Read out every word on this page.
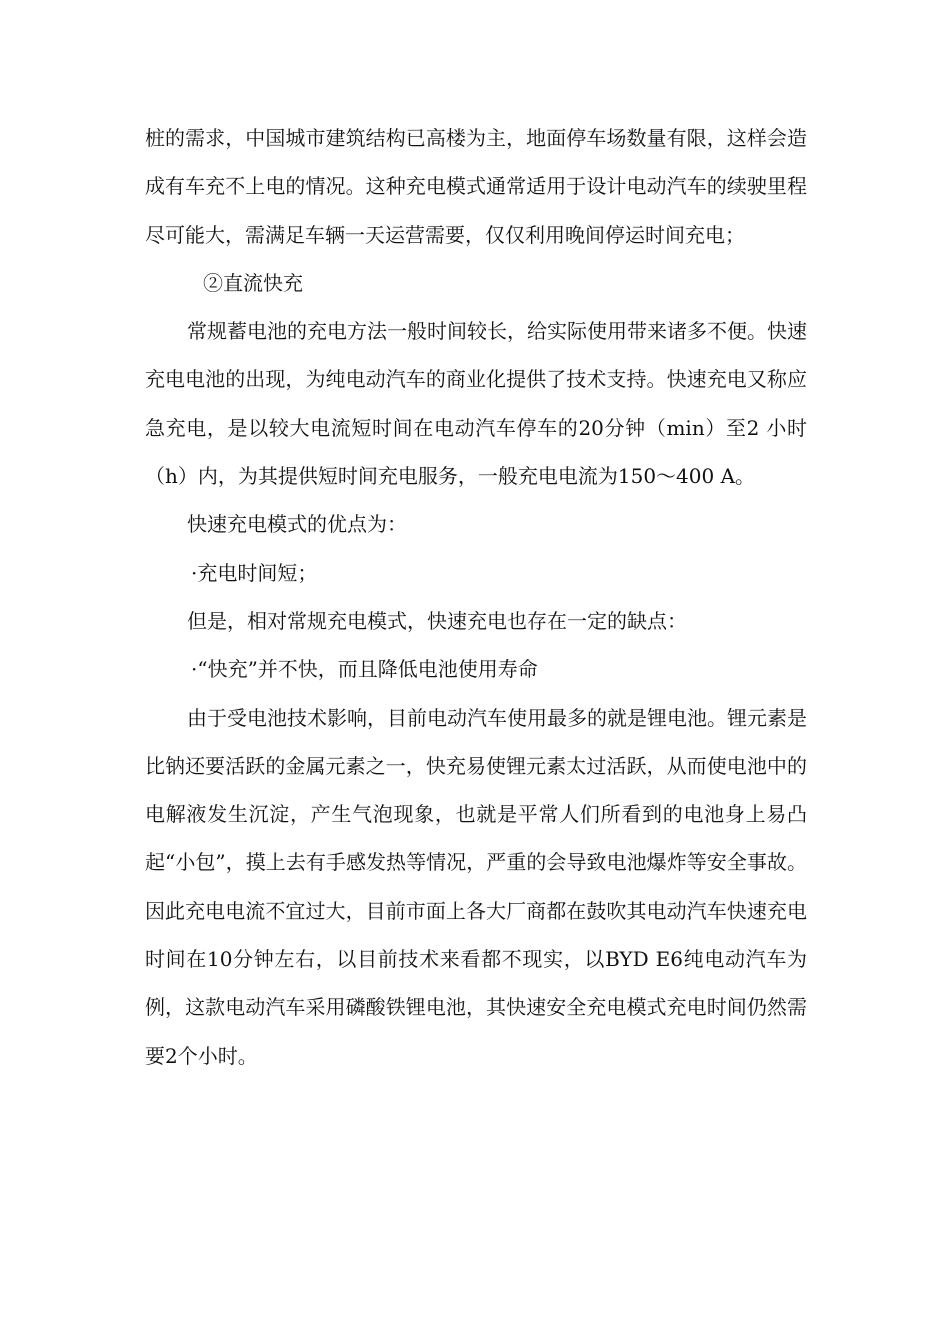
桩的需求，中国城市建筑结构已高楼为主，地面停车场数量有限，这样会造成有车充不上电的情况。这种充电模式通常适用于设计电动汽车的续驶里程尽可能大，需满足车辆一天运营需要，仅仅利用晚间停运时间充电；

②直流快充

常规蓄电池的充电方法一般时间较长，给实际使用带来诸多不便。快速充电电池的出现，为纯电动汽车的商业化提供了技术支持。快速充电又称应急充电，是以较大电流短时间在电动汽车停车的20分钟（min）至2 小时（h）内，为其提供短时间充电服务，一般充电电流为150～400 A。

快速充电模式的优点为：

·充电时间短；

但是，相对常规充电模式，快速充电也存在一定的缺点：

·“快充”并不快，而且降低电池使用寿命

由于受电池技术影响，目前电动汽车使用最多的就是锂电池。锂元素是比钠还要活跃的金属元素之一，快充易使锂元素太过活跃，从而使电池中的电解液发生沉淀，产生气泡现象，也就是平常人们所看到的电池身上易凸起“小包”，摸上去有手感发热等情况，严重的会导致电池爆炸等安全事故。因此充电电流不宜过大，目前市面上各大厂商都在鼓吹其电动汽车快速充电时间在10分钟左右，以目前技术来看都不现实，以BYD E6纯电动汽车为例，这款电动汽车采用磷酸铁锂电池，其快速安全充电模式充电时间仍然需要2个小时。
